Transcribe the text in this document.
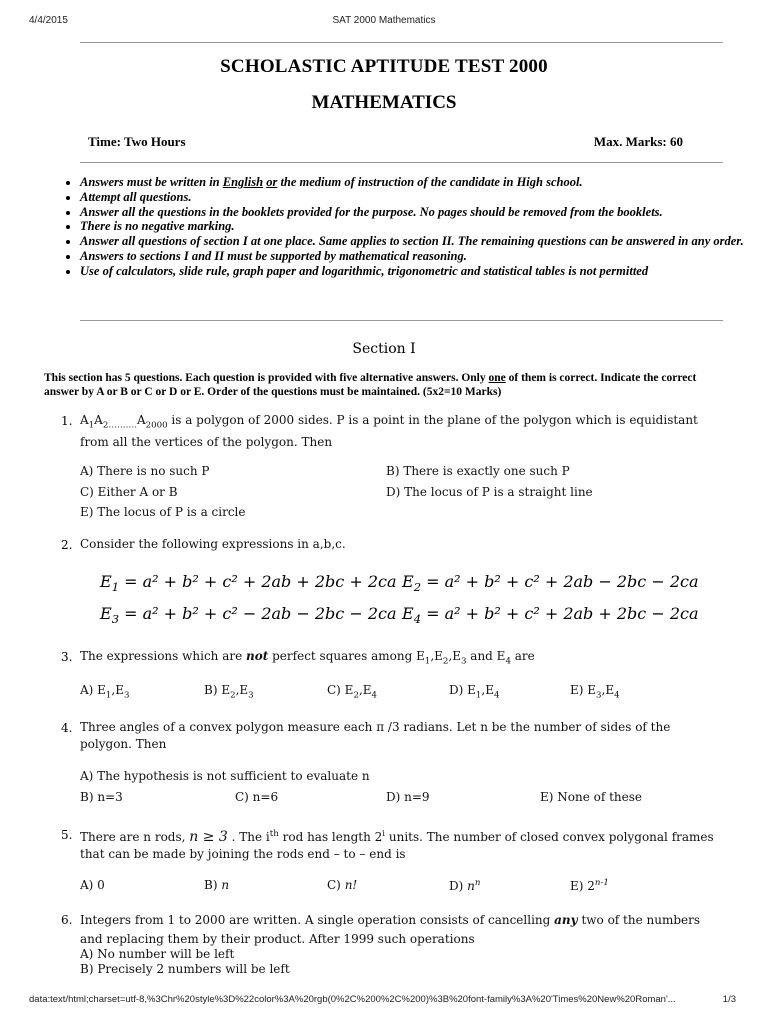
4/4/2015	SAT 2000 Mathematics
SCHOLASTIC APTITUDE TEST 2000
MATHEMATICS
Time: Two Hours	Max. Marks: 60
• Answers must be written in English or the medium of instruction of the candidate in High school.
• Attempt all questions.
• Answer all the questions in the booklets provided for the purpose. No pages should be removed from the booklets.
• There is no negative marking.
• Answer all questions of section I at one place. Same applies to section II. The remaining questions can be answered in any order.
• Answers to sections I and II must be supported by mathematical reasoning.
• Use of calculators, slide rule, graph paper and logarithmic, trigonometric and statistical tables is not permitted
Section I
This section has 5 questions. Each question is provided with five alternative answers. Only one of them is correct. Indicate the correct answer by A or B or C or D or E. Order of the questions must be maintained. (5x2=10 Marks)
1. $A_1A_{2\dots\dots\dots.}A_{2000}$ is a polygon of 2000 sides. P is a point in the plane of the polygon which is equidistant from all the vertices of the polygon. Then
A) There is no such P	B) There is exactly one such P
C) Either A or B	D) The locus of P is a straight line
E) The locus of P is a circle
2. Consider the following expressions in a,b,c.
$E_1 = a^2 + b^2 + c^2 + 2ab + 2bc + 2ca$ $E_2 = a^2 + b^2 + c^2 + 2ab - 2bc - 2ca$
$E_3 = a^2 + b^2 + c^2 - 2ab - 2bc - 2ca$ $E_4 = a^2 + b^2 + c^2 + 2ab + 2bc - 2ca$
3. The expressions which are not perfect squares among $E_1,E_2,E_3$ and $E_4$ are
A) $E_1,E_3$	B) $E_2,E_3$	C) $E_2,E_4$	D) $E_1,E_4$	E) $E_3,E_4$
4. Three angles of a convex polygon measure each π /3 radians. Let n be the number of sides of the polygon. Then
A) The hypothesis is not sufficient to evaluate n
B) n=3	C) n=6	D) n=9	E) None of these
5. There are n rods, n ≥ 3 . The $i^{th}$ rod has length 2$^i$ units. The number of closed convex polygonal frames that can be made by joining the rods end – to – end is
A) 0	B) n	C) n!	D) $n^n$	E) 2$^{n-1}$
6. Integers from 1 to 2000 are written. A single operation consists of cancelling any two of the numbers and replacing them by their product. After 1999 such operations
A) No number will be left
B) Precisely 2 numbers will be left
data:text/html;charset=utf-8,%3Chr%20style%3D%22color%3A%20rgb(0%2C%200%2C%200)%3B%20font-family%3A%20'Times%20New%20Roman'...	1/3
